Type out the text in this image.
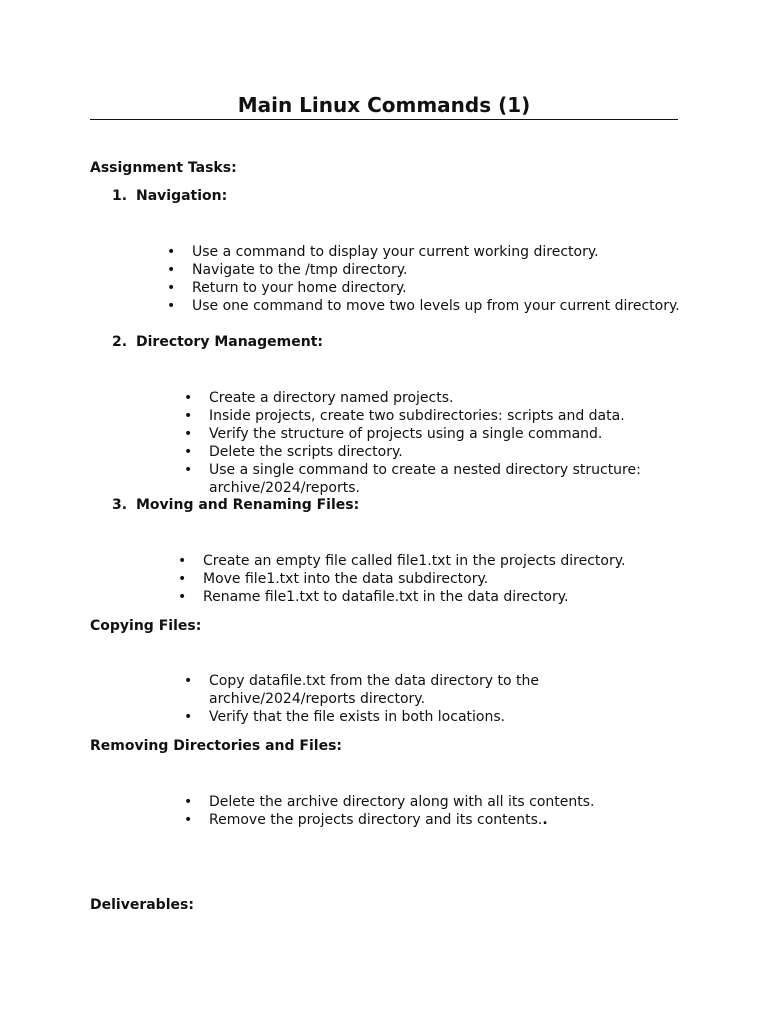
Main Linux Commands (1)
Assignment Tasks:
1. Navigation:
• Use a command to display your current working directory.
• Navigate to the /tmp directory.
• Return to your home directory.
• Use one command to move two levels up from your current directory.
2. Directory Management:
• Create a directory named projects.
• Inside projects, create two subdirectories: scripts and data.
• Verify the structure of projects using a single command.
• Delete the scripts directory.
• Use a single command to create a nested directory structure: archive/2024/reports.
3. Moving and Renaming Files:
• Create an empty file called file1.txt in the projects directory.
• Move file1.txt into the data subdirectory.
• Rename file1.txt to datafile.txt in the data directory.
Copying Files:
• Copy datafile.txt from the data directory to the archive/2024/reports directory.
• Verify that the file exists in both locations.
Removing Directories and Files:
• Delete the archive directory along with all its contents.
• Remove the projects directory and its contents..
Deliverables:
